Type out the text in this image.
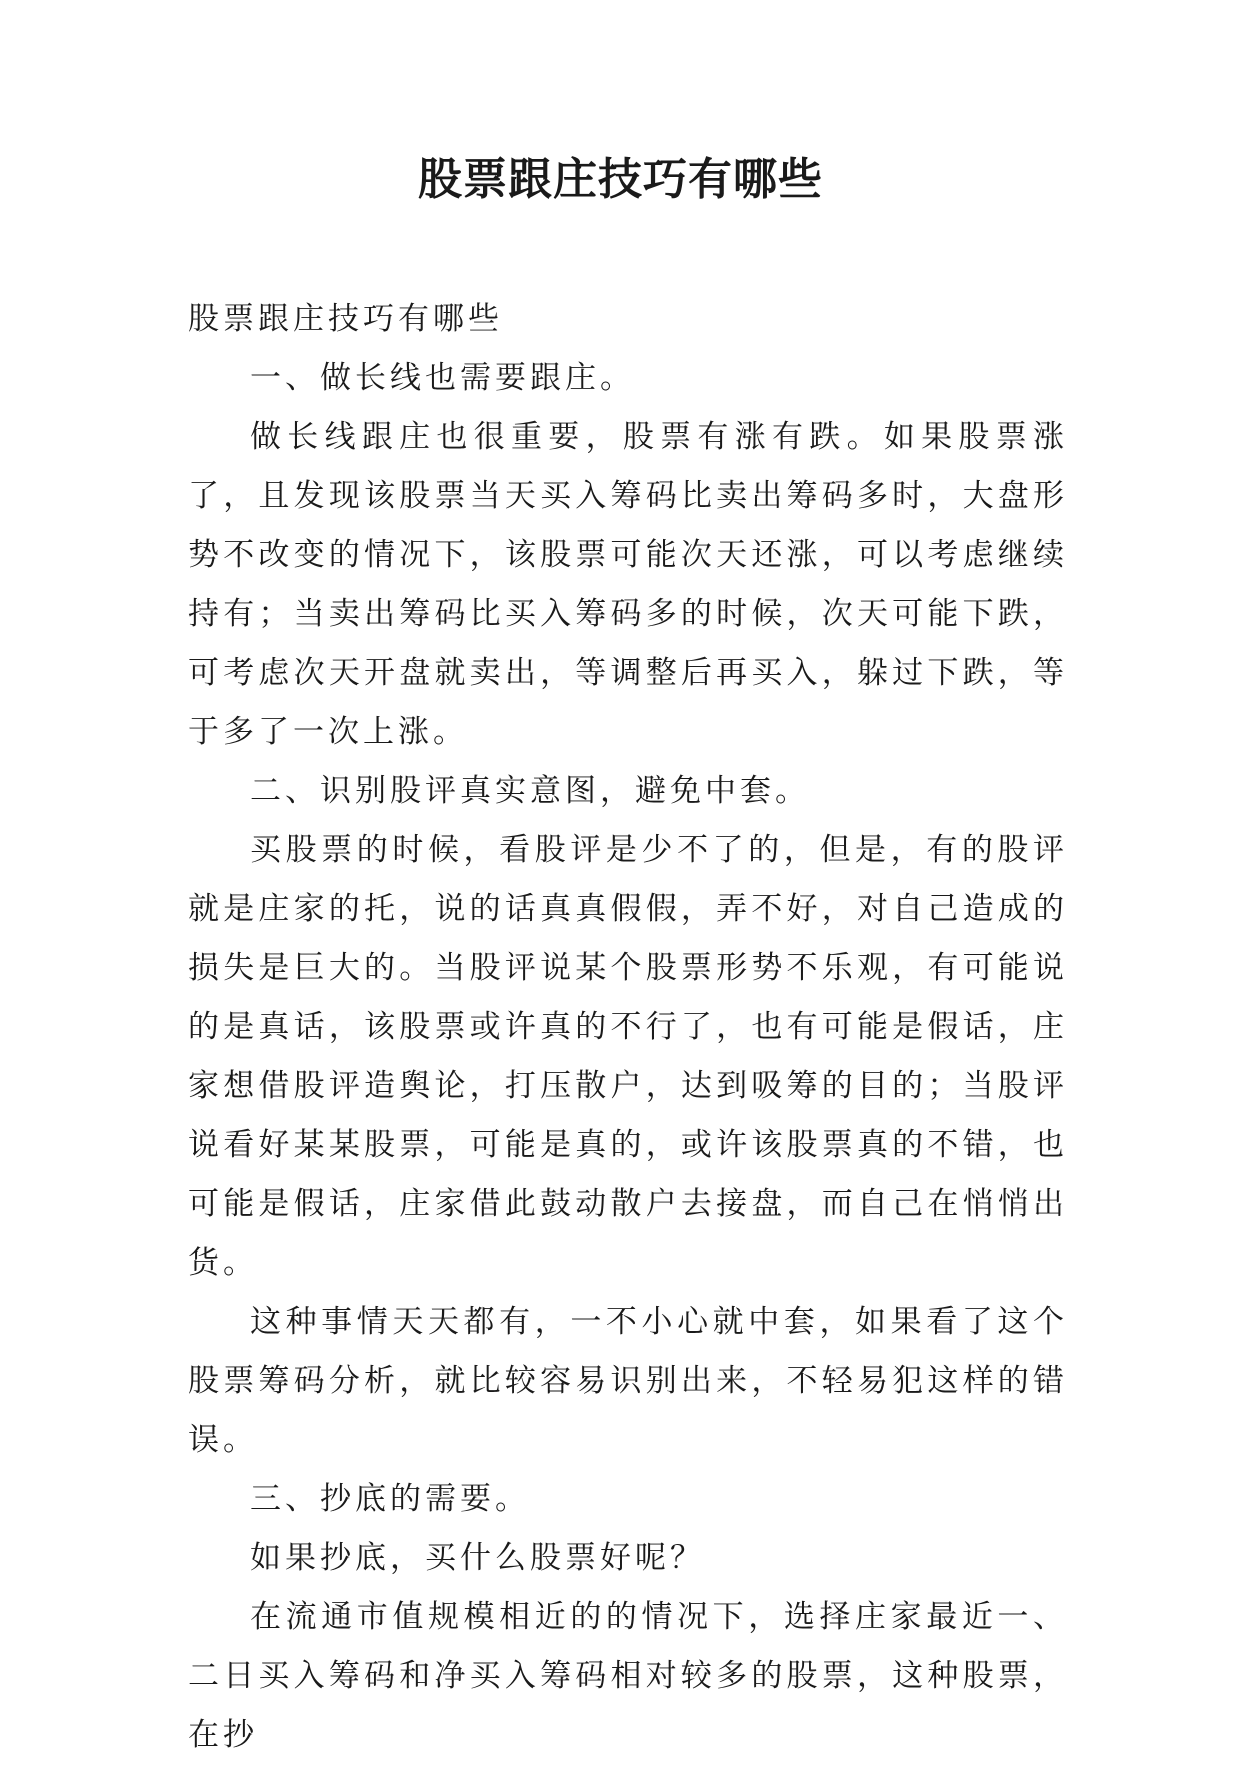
股票跟庄技巧有哪些

股票跟庄技巧有哪些

一、做长线也需要跟庄。

做长线跟庄也很重要，股票有涨有跌。如果股票涨了，且发现该股票当天买入筹码比卖出筹码多时，大盘形势不改变的情况下，该股票可能次天还涨，可以考虑继续持有；当卖出筹码比买入筹码多的时候，次天可能下跌，可考虑次天开盘就卖出，等调整后再买入，躲过下跌，等于多了一次上涨。

二、识别股评真实意图，避免中套。

买股票的时候，看股评是少不了的，但是，有的股评就是庄家的托，说的话真真假假，弄不好，对自己造成的损失是巨大的。当股评说某个股票形势不乐观，有可能说的是真话，该股票或许真的不行了，也有可能是假话，庄家想借股评造舆论，打压散户，达到吸筹的目的；当股评说看好某某股票，可能是真的，或许该股票真的不错，也可能是假话，庄家借此鼓动散户去接盘，而自己在悄悄出货。

这种事情天天都有，一不小心就中套，如果看了这个股票筹码分析，就比较容易识别出来，不轻易犯这样的错误。

三、抄底的需要。

如果抄底，买什么股票好呢？

在流通市值规模相近的的情况下，选择庄家最近一、二日买入筹码和净买入筹码相对较多的股票，这种股票，在抄
